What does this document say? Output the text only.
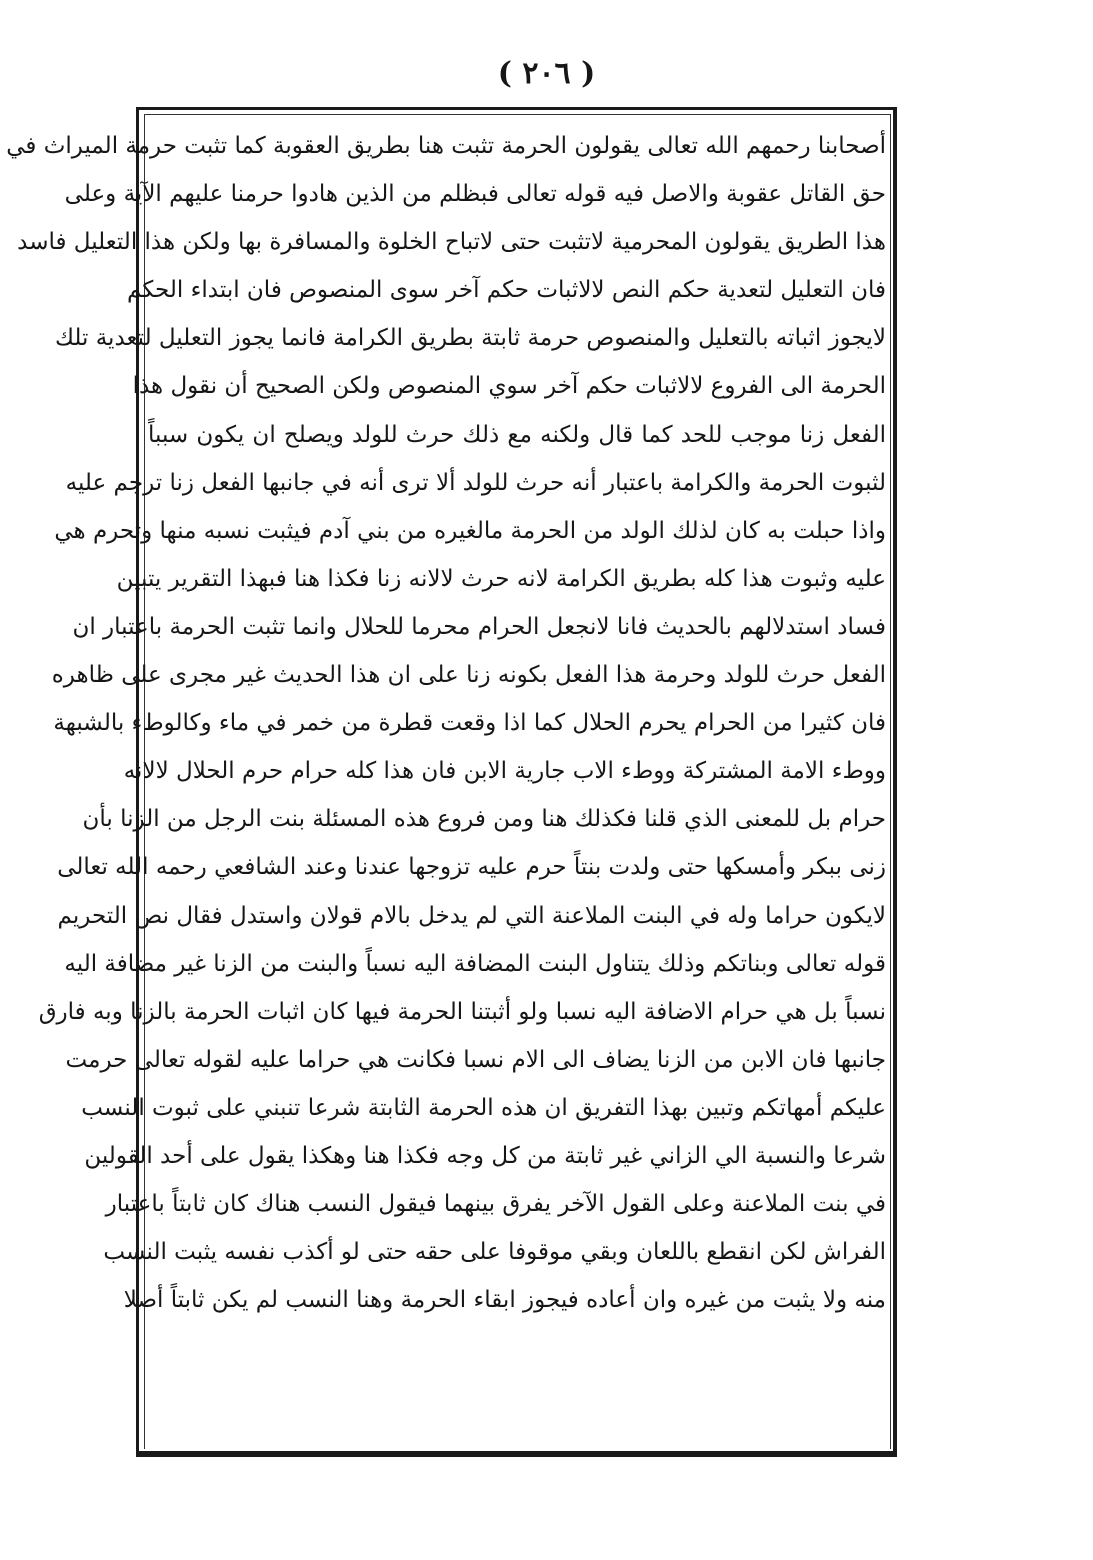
( ٢٠٦ )
أصحابنا رحمهم الله تعالى يقولون الحرمة تثبت هنا بطريق العقوبة كما تثبت حرمة الميراث في
حق القاتل عقوبة والاصل فيه قوله تعالى فبظلم من الذين هادوا حرمنا عليهم الآية وعلى
هذا الطريق يقولون المحرمية لاتثبت حتى لاتباح الخلوة والمسافرة بها ولكن هذا التعليل فاسد
فان التعليل لتعدية حكم النص لالاثبات حكم آخر سوى المنصوص فان ابتداء الحكم
لايجوز اثباته بالتعليل والمنصوص حرمة ثابتة بطريق الكرامة فانما يجوز التعليل لتعدية تلك
الحرمة الى الفروع لالاثبات حكم آخر سوي المنصوص ولكن الصحيح أن نقول هذا
الفعل زنا موجب للحد كما قال ولكنه مع ذلك حرث للولد ويصلح ان يكون سبباً
لثبوت الحرمة والكرامة باعتبار أنه حرث للولد ألا ترى أنه في جانبها الفعل زنا ترجم عليه
واذا حبلت به كان لذلك الولد من الحرمة مالغيره من بني آدم فيثبت نسبه منها وتحرم هي
عليه وثبوت هذا كله بطريق الكرامة لانه حرث لالانه زنا فكذا هنا فبهذا التقرير يتبين
فساد استدلالهم بالحديث فانا لانجعل الحرام محرما للحلال وانما تثبت الحرمة باعتبار ان
الفعل حرث للولد وحرمة هذا الفعل بكونه زنا على ان هذا الحديث غير مجرى على ظاهره
فان كثيرا من الحرام يحرم الحلال كما اذا وقعت قطرة من خمر في ماء وكالوطء بالشبهة
ووطء الامة المشتركة ووطء الاب جارية الابن فان هذا كله حرام حرم الحلال لالانه
حرام بل للمعنى الذي قلنا فكذلك هنا ومن فروع هذه المسئلة بنت الرجل من الزنا بأن
زنى ببكر وأمسكها حتى ولدت بنتاً حرم عليه تزوجها عندنا وعند الشافعي رحمه الله تعالى
لايكون حراما وله في البنت الملاعنة التي لم يدخل بالام قولان واستدل فقال نص التحريم
قوله تعالى وبناتكم وذلك يتناول البنت المضافة اليه نسباً والبنت من الزنا غير مضافة اليه
نسباً بل هي حرام الاضافة اليه نسبا ولو أثبتنا الحرمة فيها كان اثبات الحرمة بالزنا وبه فارق
جانبها فان الابن من الزنا يضاف الى الام نسبا فكانت هي حراما عليه لقوله تعالى حرمت
عليكم أمهاتكم وتبين بهذا التفريق ان هذه الحرمة الثابتة شرعا تنبني على ثبوت النسب
شرعا والنسبة الي الزاني غير ثابتة من كل وجه فكذا هنا وهكذا يقول على أحد القولين
في بنت الملاعنة وعلى القول الآخر يفرق بينهما فيقول النسب هناك كان ثابتاً باعتبار
الفراش لكن انقطع باللعان وبقي موقوفا على حقه حتى لو أكذب نفسه يثبت النسب
منه ولا يثبت من غيره وان أعاده فيجوز ابقاء الحرمة وهنا النسب لم يكن ثابتاً أصلا
